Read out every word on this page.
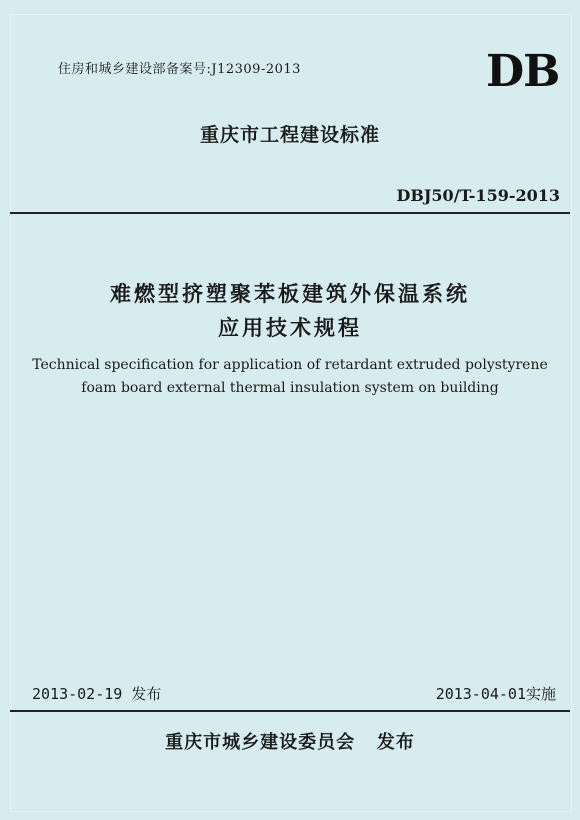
住房和城乡建设部备案号:J12309-2013	DB
重庆市工程建设标准
DBJ50/T-159-2013
难燃型挤塑聚苯板建筑外保温系统
应用技术规程
Technical specification for application of retardant extruded polystyrene
foam board external thermal insulation system on building
2013-02-19 发布	2013-04-01实施
重庆市城乡建设委员会   发布
